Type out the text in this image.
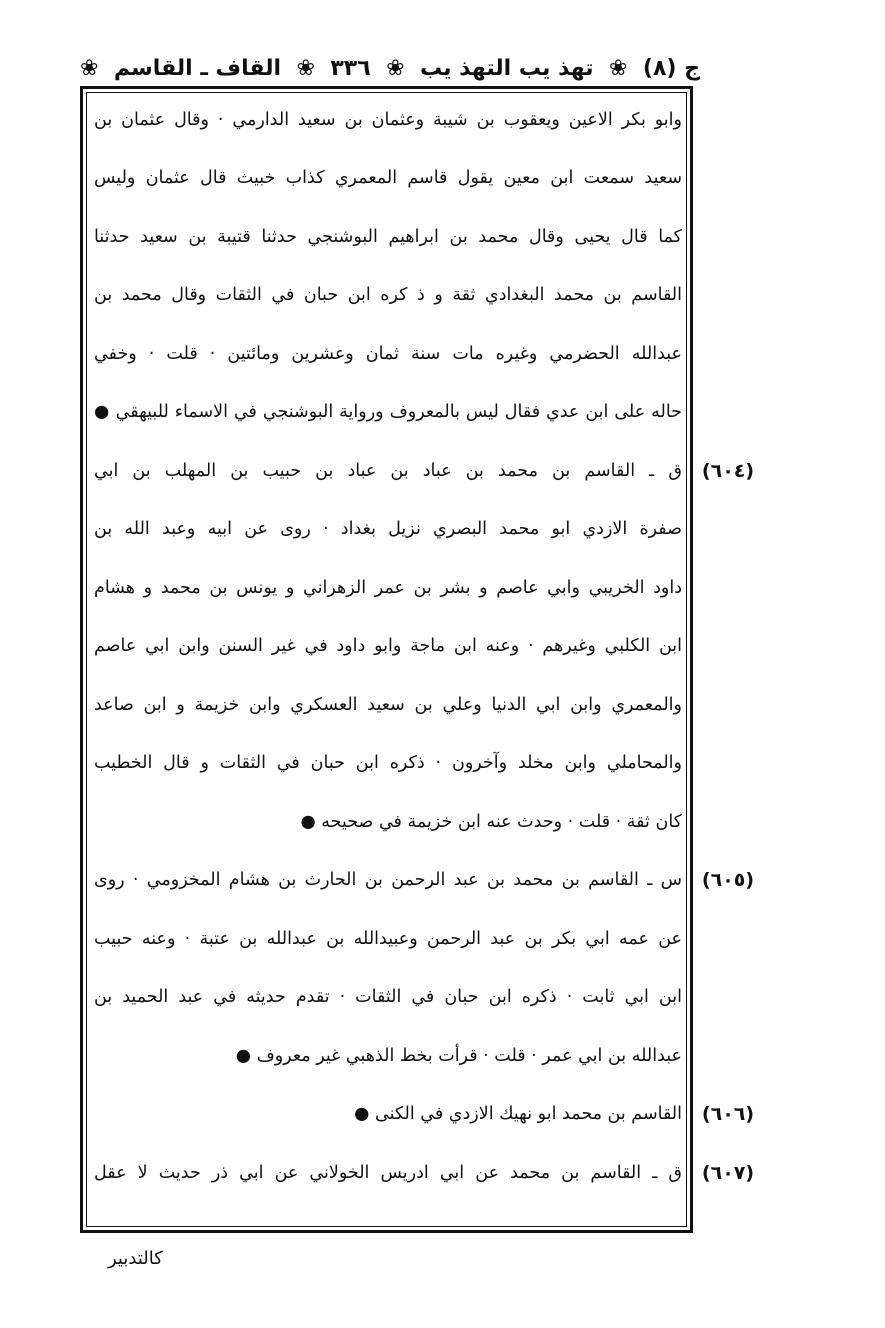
ج (٨)
❀
تهذ يب التهذ يب
❀
٣٣٦
❀
القاف ـ القاسم
❀
وابو بكر الاعين ويعقوب بن شيبة وعثمان بن سعيد الدارمي · وقال عثمان بن
سعيد سمعت ابن معين يقول قاسم المعمري كذاب خبيث قال عثمان وليس
كما قال يحيى وقال محمد بن ابراهيم البوشنجي حدثنا قتيبة بن سعيد حدثنا
القاسم بن محمد البغدادي ثقة و ذ كره ابن حبان في الثقات وقال محمد بن
عبدالله الحضرمي وغيره مات سنة ثمان وعشرين ومائتين · قلت · وخفي
حاله على ابن عدي فقال ليس بالمعروف ورواية البوشنجي في الاسماء للبيهقي ●
ق ـ القاسم بن محمد بن عباد بن عباد بن حبيب بن المهلب بن ابي
صفرة الازدي ابو محمد البصري نزيل بغداد · روى عن ابيه وعبد الله بن
داود الخريبي وابي عاصم و بشر بن عمر الزهراني و يونس بن محمد و هشام
ابن الكلبي وغيرهم · وعنه ابن ماجة وابو داود في غير السنن وابن ابي عاصم
والمعمري وابن ابي الدنيا وعلي بن سعيد العسكري وابن خزيمة و ابن صاعد
والمحاملي وابن مخلد وآخرون · ذكره ابن حبان في الثقات و قال الخطيب
كان ثقة · قلت · وحدث عنه ابن خزيمة في صحيحه ●
س ـ القاسم بن محمد بن عبد الرحمن بن الحارث بن هشام المخزومي · روى
عن عمه ابي بكر بن عبد الرحمن وعبيدالله بن عبدالله بن عتبة · وعنه حبيب
ابن ابي ثابت · ذكره ابن حبان في الثقات · تقدم حديثه في عبد الحميد بن
عبدالله بن ابي عمر · قلت · قرأت بخط الذهبي غير معروف ●
القاسم بن محمد ابو نهيك الازدي في الكنى ●
ق ـ القاسم بن محمد عن ابي ادريس الخولاني عن ابي ذر حديث لا عقل
(٦٠٤)
(٦٠٥)
(٦٠٦)
(٦٠٧)
كالتدبير
